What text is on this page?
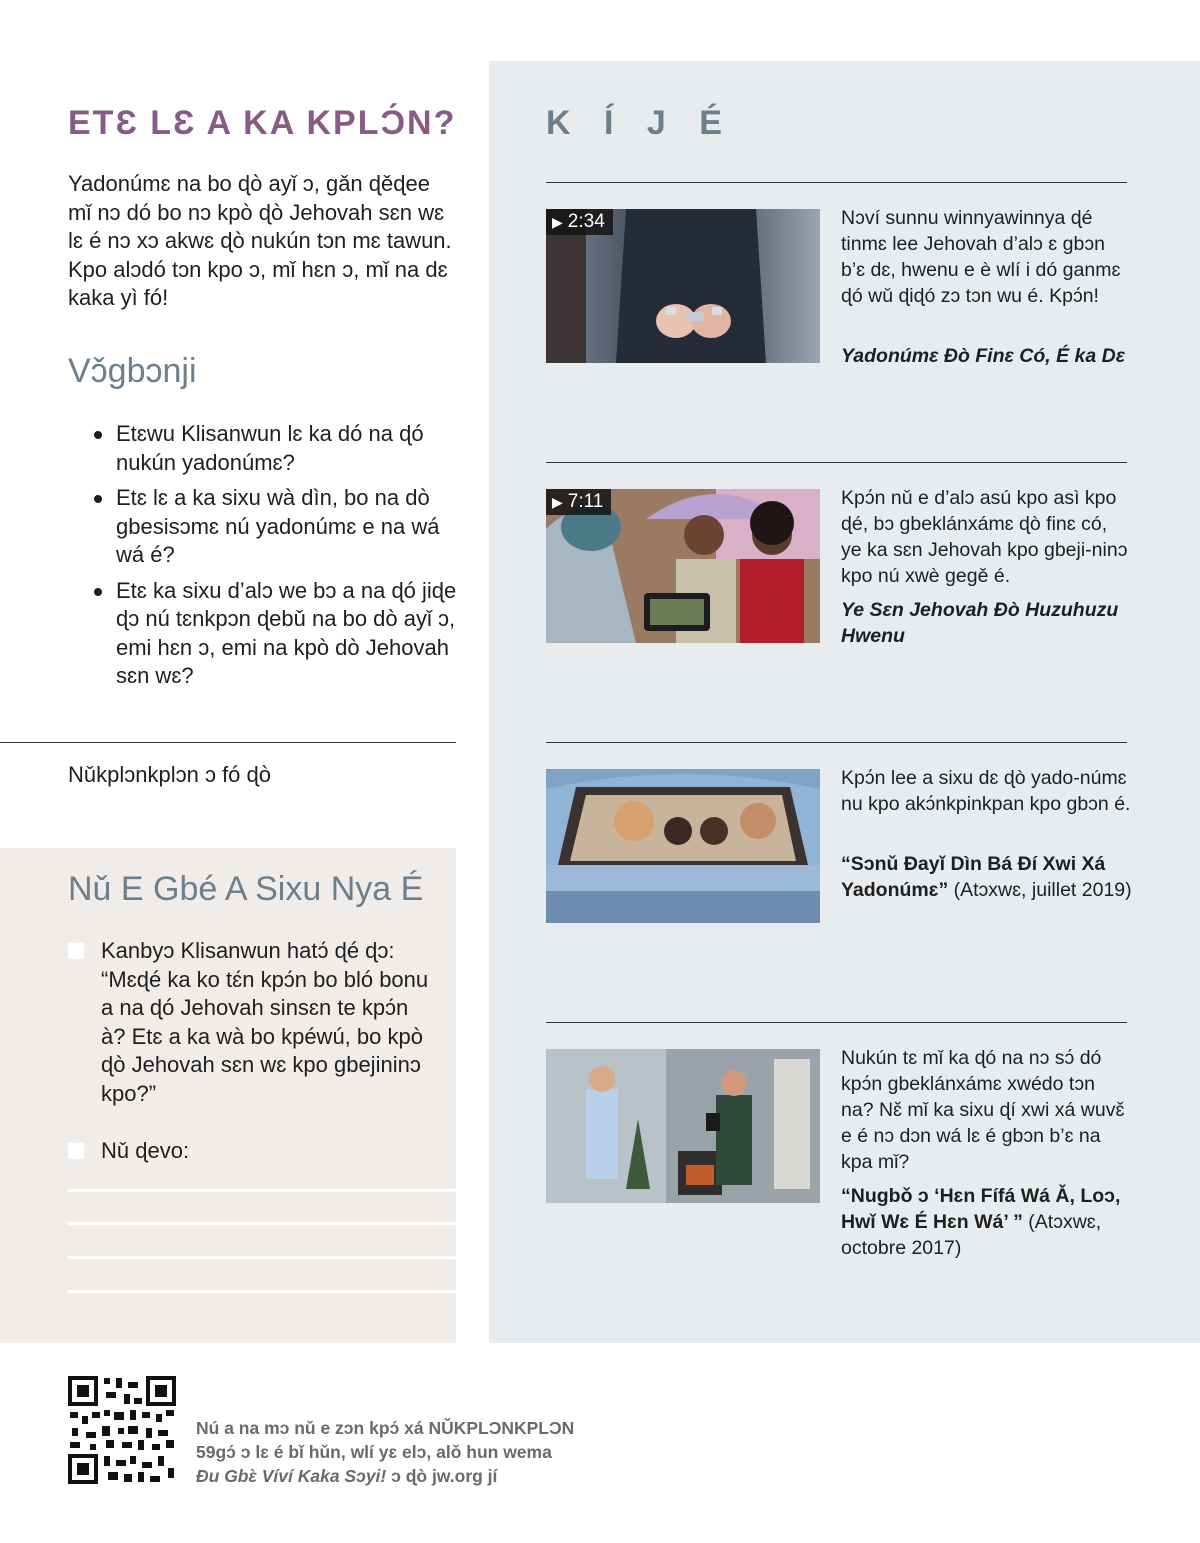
ETƐ LƐ A KA KPLƆ́N?

Yadonúmɛ na bo ɖò ayǐ ɔ, gǎn ɖěɖee mǐ nɔ dó bo nɔ kpò ɖò Jehovah sɛn wɛ lɛ é nɔ xɔ akwɛ ɖò nukún tɔn mɛ tawun. Kpo alɔdó tɔn kpo ɔ, mǐ hɛn ɔ, mǐ na dɛ kaka yì fó!

Vɔ̌gbɔnji
Etɛwu Klisanwun lɛ ka dó na ɖó nukún yadonúmɛ?
Etɛ lɛ a ka sixu wà dìn, bo na dò gbesisɔmɛ nú yadonúmɛ e na wá wá é?
Etɛ ka sixu d’alɔ we bɔ a na ɖó jiɖe ɖɔ nú tɛnkpɔn ɖebǔ na bo dò ayǐ ɔ, emi hɛn ɔ, emi na kpò dò Jehovah sɛn wɛ?
Nǔkplɔnkplɔn ɔ fó ɖò
Nǔ E Gbé A Sixu Nya É
Kanbyɔ Klisanwun hatɔ́ ɖé ɖɔ: “Mɛɖé ka ko tɛ́n kpɔ́n bo bló bonu a na ɖó Jehovah sinsɛn te kpɔ́n à? Etɛ a ka wà bo kpéwú, bo kpò ɖò Jehovah sɛn wɛ kpo gbejininɔ kpo?”
Nǔ ɖevo:
K Í J É
▶ 2:34	Nɔví sunnu winnyawinnya ɖé tinmɛ lee Jehovah d’alɔ ɛ gbɔn b’ɛ dɛ, hwenu e è wlí i dó ganmɛ ɖó wǔ ɖiɖó zɔ tɔn wu é. Kpɔ́n!

Yadonúmɛ Ðò Finɛ Có, É ka Dɛ

▶ 7:11	Kpɔ́n nǔ e d’alɔ asú kpo asì kpo ɖé, bɔ gbeklánxámɛ ɖò finɛ có, ye ka sɛn Jehovah kpo gbeji-ninɔ kpo nú xwè gegě é.

Ye Sɛn Jehovah Ðò Huzuhuzu Hwenu

Kpɔ́n lee a sixu dɛ ɖò yado-númɛ nu kpo akɔ́nkpinkpan kpo gbɔn é.

“Sɔnǔ Ðayǐ Dìn Bá Ðí Xwi Xá Yadonúmɛ” (Atɔxwɛ, juillet 2019)

Nukún tɛ mǐ ka ɖó na nɔ sɔ́ dó kpɔ́n gbeklánxámɛ xwédo tɔn na? Nɛ̌ mǐ ka sixu ɖí xwi xá wuvɛ̌ e é nɔ dɔn wá lɛ é gbɔn b’ɛ na kpa mǐ?

“Nugbǒ ɔ ‘Hɛn Fífá Wá Ǎ, Loɔ, Hwǐ Wɛ É Hɛn Wá’ ” (Atɔxwɛ, octobre 2017)

Nú a na mɔ nǔ e zɔn kpɔ́ xá NǓKPLƆNKPLƆN
59gɔ́ ɔ lɛ é bǐ hǔn, wlí yɛ elɔ, alǒ hun wema
Ðu Gbɛ̀ Víví Kaka Sɔyi! ɔ ɖò jw.org jí
